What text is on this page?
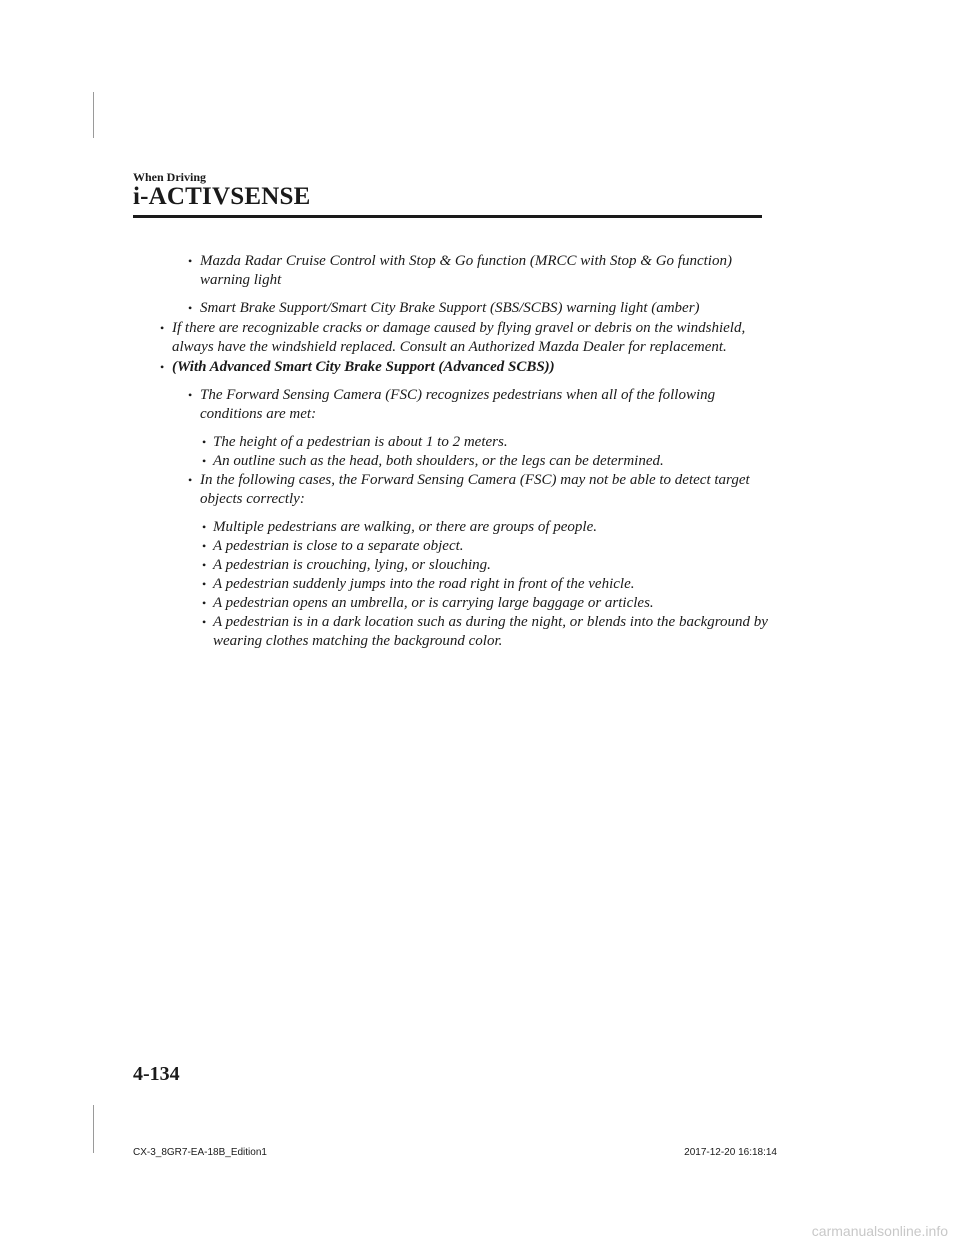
When Driving

i-ACTIVSENSE

• Mazda Radar Cruise Control with Stop & Go function (MRCC with Stop & Go function) warning light

• Smart Brake Support/Smart City Brake Support (SBS/SCBS) warning light (amber)

• If there are recognizable cracks or damage caused by flying gravel or debris on the windshield, always have the windshield replaced. Consult an Authorized Mazda Dealer for replacement.

• (With Advanced Smart City Brake Support (Advanced SCBS))

• The Forward Sensing Camera (FSC) recognizes pedestrians when all of the following conditions are met:

• The height of a pedestrian is about 1 to 2 meters.

• An outline such as the head, both shoulders, or the legs can be determined.

• In the following cases, the Forward Sensing Camera (FSC) may not be able to detect target objects correctly:

• Multiple pedestrians are walking, or there are groups of people.

• A pedestrian is close to a separate object.

• A pedestrian is crouching, lying, or slouching.

• A pedestrian suddenly jumps into the road right in front of the vehicle.

• A pedestrian opens an umbrella, or is carrying large baggage or articles.

• A pedestrian is in a dark location such as during the night, or blends into the background by wearing clothes matching the background color.

4-134

CX-3_8GR7-EA-18B_Edition1	2017-12-20 16:18:14

carmanualsonline.info
